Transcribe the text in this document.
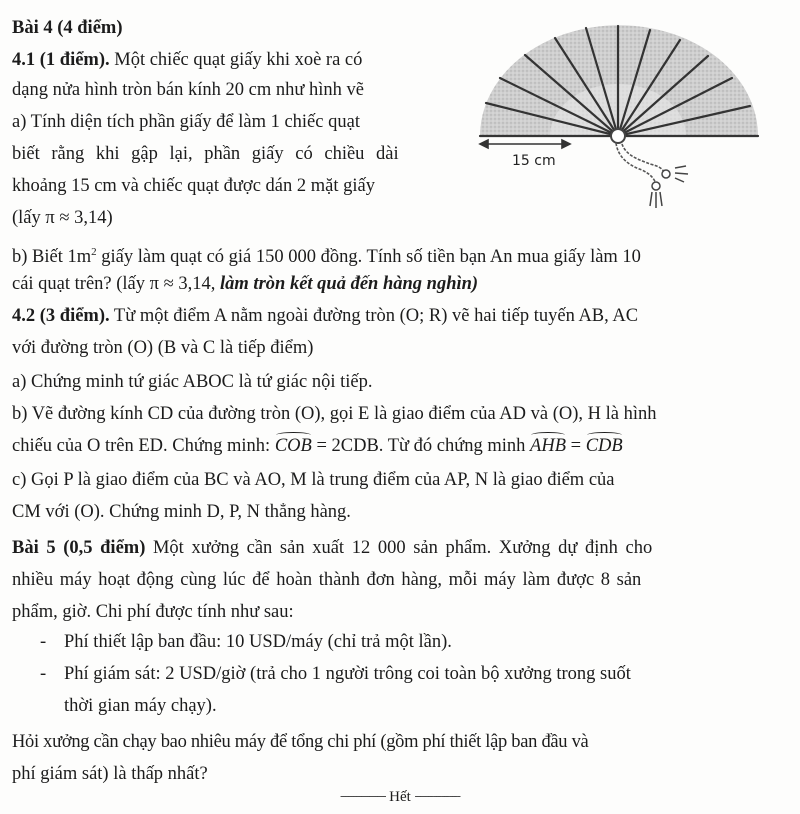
Bài 4 (4 điểm)
4.1 (1 điểm). Một chiếc quạt giấy khi xoè ra có
dạng nửa hình tròn bán kính 20 cm như hình vẽ
a) Tính diện tích phần giấy để làm 1 chiếc quạt
biết rằng khi gập lại, phần giấy có chiều dài
khoảng 15 cm và chiếc quạt được dán 2 mặt giấy
(lấy π ≈ 3,14)
15 cm
b) Biết $1m^2$ giấy làm quạt có giá 150 000 đồng. Tính số tiền bạn An mua giấy làm 10
cái quạt trên? (lấy π ≈ 3,14, làm tròn kết quả đến hàng nghìn)
4.2 (3 điểm). Từ một điểm A nằm ngoài đường tròn (O; R) vẽ hai tiếp tuyến AB, AC
với đường tròn (O) (B và C là tiếp điểm)
a) Chứng minh tứ giác ABOC là tứ giác nội tiếp.
b) Vẽ đường kính CD của đường tròn (O), gọi E là giao điểm của AD và (O), H là hình
chiếu của O trên ED. Chứng minh: COB = 2CDB. Từ đó chứng minh AHB = CDB
c) Gọi P là giao điểm của BC và AO, M là trung điểm của AP, N là giao điểm của
CM với (O). Chứng minh D, P, N thẳng hàng.
Bài 5 (0,5 điểm) Một xưởng cần sản xuất 12 000 sản phẩm. Xưởng dự định cho
nhiều máy hoạt động cùng lúc để hoàn thành đơn hàng, mỗi máy làm được 8 sản
phẩm, giờ. Chi phí được tính như sau:
- Phí thiết lập ban đầu: 10 USD/máy (chỉ trả một lần).
- Phí giám sát: 2 USD/giờ (trả cho 1 người trông coi toàn bộ xưởng trong suốt
thời gian máy chạy).
Hỏi xưởng cần chạy bao nhiêu máy để tổng chi phí (gồm phí thiết lập ban đầu và
phí giám sát) là thấp nhất?
----------------- Hết -----------------
